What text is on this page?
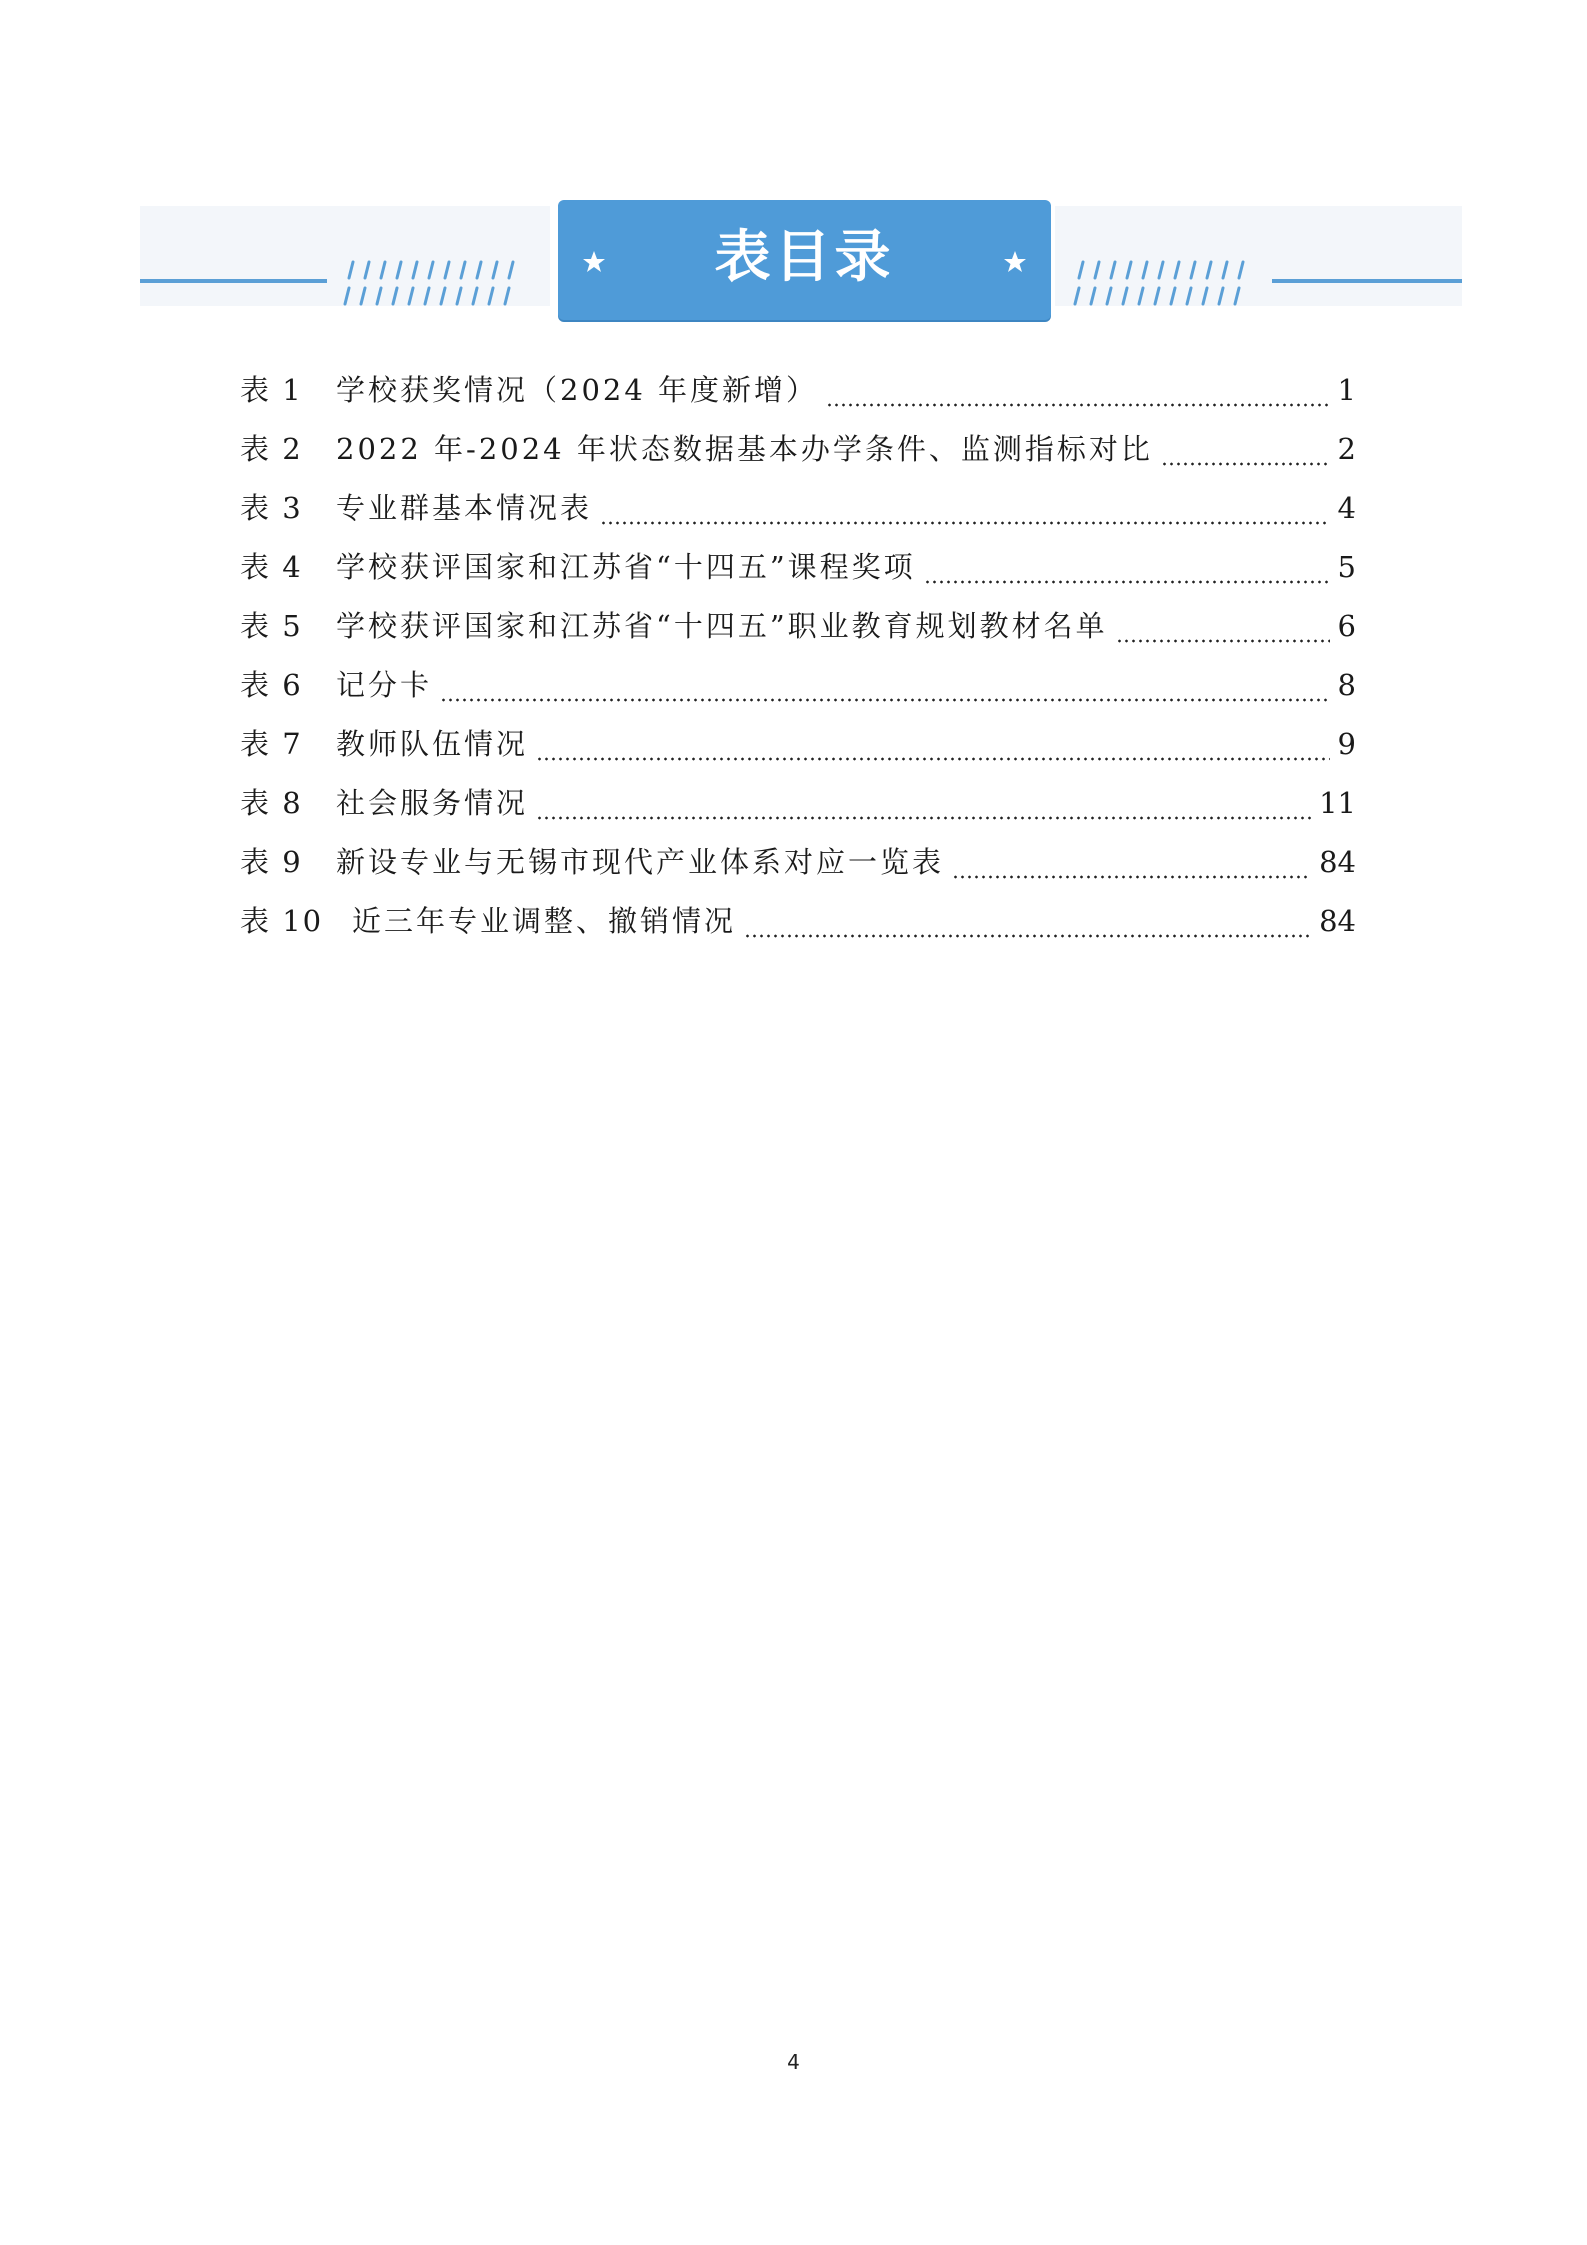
表目录
表 1	学校获奖情况（2024 年度新增）	1
表 2	2022 年-2024 年状态数据基本办学条件、监测指标对比	2
表 3	专业群基本情况表	4
表 4	学校获评国家和江苏省“十四五”课程奖项	5
表 5	学校获评国家和江苏省“十四五”职业教育规划教材名单	6
表 6	记分卡	8
表 7	教师队伍情况	9
表 8	社会服务情况	11
表 9	新设专业与无锡市现代产业体系对应一览表	84
表 10 近三年专业调整、撤销情况	84
4
